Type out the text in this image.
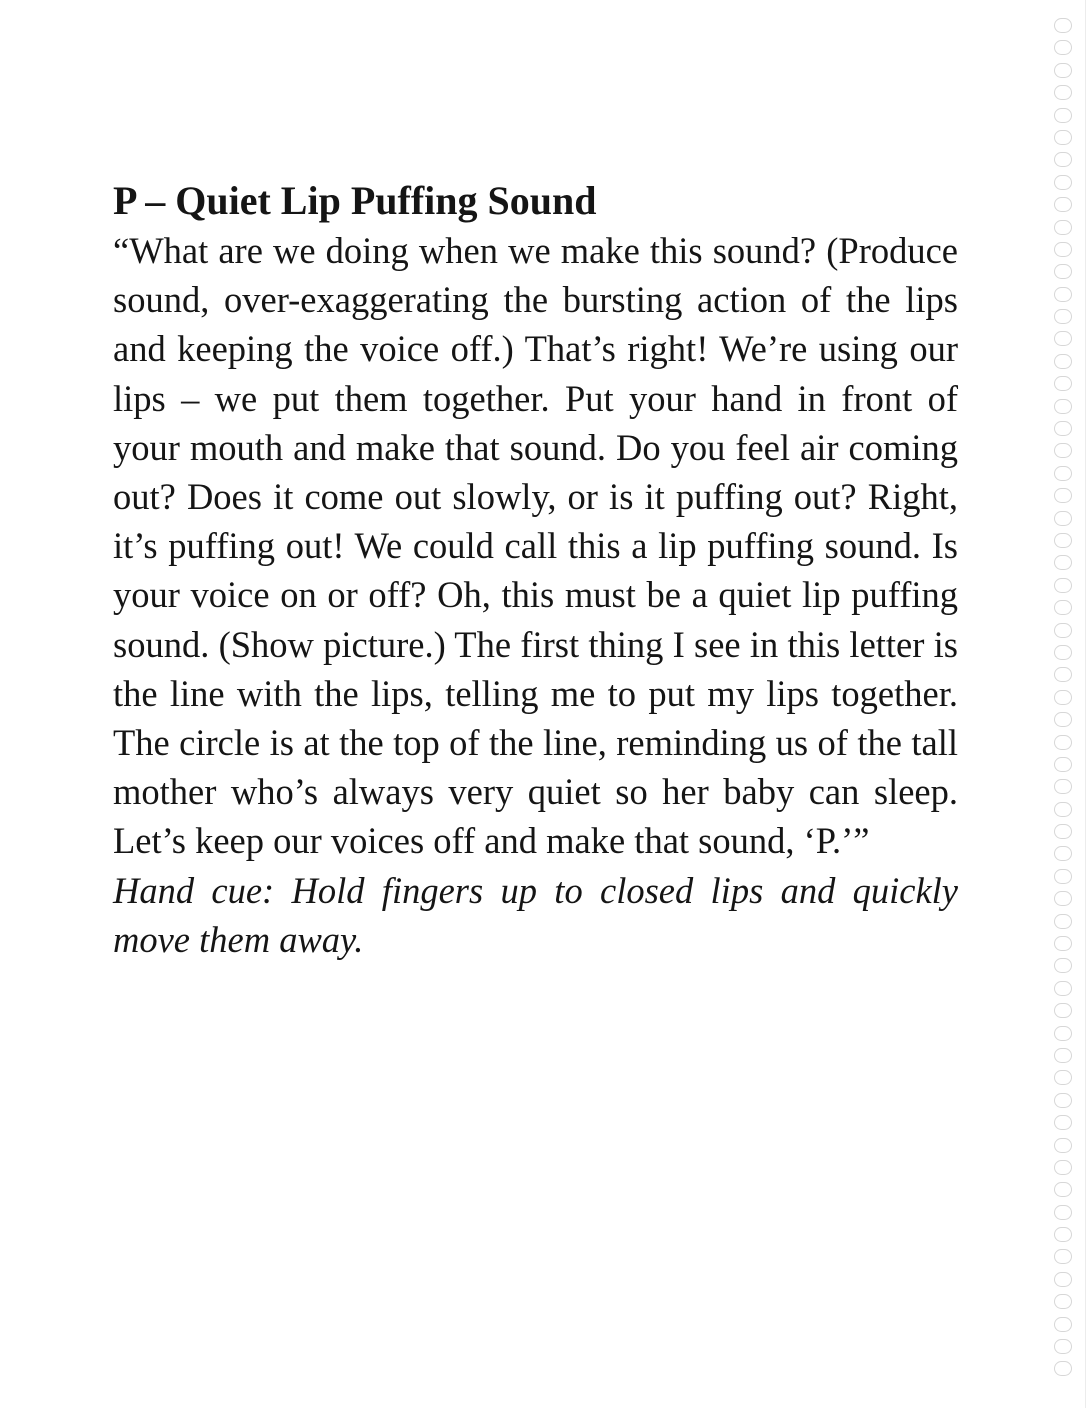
P – Quiet Lip Puffing Sound

“What are we doing when we make this sound? (Produce sound, over-exaggerating the bursting action of the lips and keeping the voice off.) That’s right! We’re using our lips – we put them together. Put your hand in front of your mouth and make that sound. Do you feel air coming out? Does it come out slowly, or is it puffing out? Right, it’s puffing out! We could call this a lip puffing sound. Is your voice on or off? Oh, this must be a quiet lip puffing sound. (Show picture.) The first thing I see in this letter is the line with the lips, telling me to put my lips together. The circle is at the top of the line, reminding us of the tall mother who’s always very quiet so her baby can sleep. Let’s keep our voices off and make that sound, ‘P.’”

Hand cue: Hold fingers up to closed lips and quickly move them away.
